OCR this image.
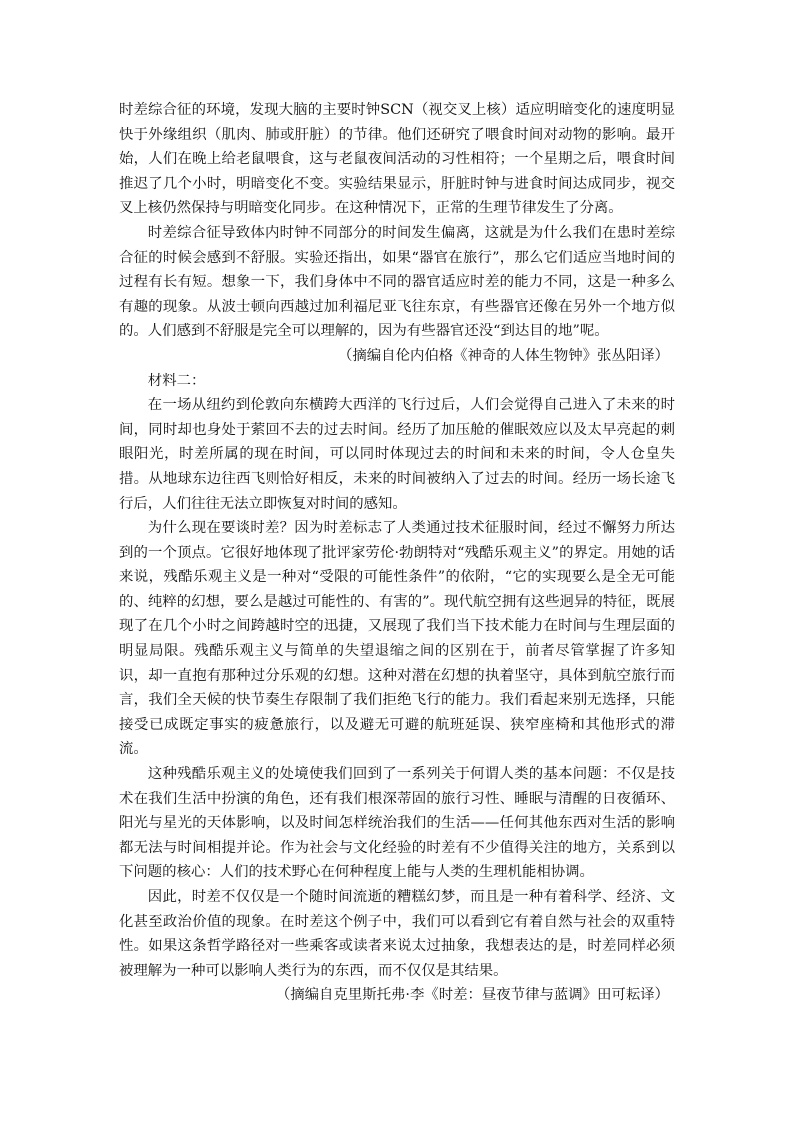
时差综合征的环境，发现大脑的主要时钟SCN（视交叉上核）适应明暗变化的速度明显快于外缘组织（肌肉、肺或肝脏）的节律。他们还研究了喂食时间对动物的影响。最开始，人们在晚上给老鼠喂食，这与老鼠夜间活动的习性相符；一个星期之后，喂食时间推迟了几个小时，明暗变化不变。实验结果显示，肝脏时钟与进食时间达成同步，视交叉上核仍然保持与明暗变化同步。在这种情况下，正常的生理节律发生了分离。

时差综合征导致体内时钟不同部分的时间发生偏离，这就是为什么我们在患时差综合征的时候会感到不舒服。实验还指出，如果“器官在旅行”，那么它们适应当地时间的过程有长有短。想象一下，我们身体中不同的器官适应时差的能力不同，这是一种多么有趣的现象。从波士顿向西越过加利福尼亚飞往东京，有些器官还像在另外一个地方似的。人们感到不舒服是完全可以理解的，因为有些器官还没“到达目的地”呢。

（摘编自伦内伯格《神奇的人体生物钟》张丛阳译）

材料二：

在一场从纽约到伦敦向东横跨大西洋的飞行过后，人们会觉得自己进入了未来的时间，同时却也身处于萦回不去的过去时间。经历了加压舱的催眠效应以及太早亮起的刺眼阳光，时差所属的现在时间，可以同时体现过去的时间和未来的时间，令人仓皇失措。从地球东边往西飞则恰好相反，未来的时间被纳入了过去的时间。经历一场长途飞行后，人们往往无法立即恢复对时间的感知。

为什么现在要谈时差？因为时差标志了人类通过技术征服时间，经过不懈努力所达到的一个顶点。它很好地体现了批评家劳伦·勃朗特对“残酷乐观主义”的界定。用她的话来说，残酷乐观主义是一种对“受限的可能性条件”的依附，“它的实现要么是全无可能的、纯粹的幻想，要么是越过可能性的、有害的”。现代航空拥有这些迥异的特征，既展现了在几个小时之间跨越时空的迅捷，又展现了我们当下技术能力在时间与生理层面的明显局限。残酷乐观主义与简单的失望退缩之间的区别在于，前者尽管掌握了许多知识，却一直抱有那种过分乐观的幻想。这种对潜在幻想的执着坚守，具体到航空旅行而言，我们全天候的快节奏生存限制了我们拒绝飞行的能力。我们看起来别无选择，只能接受已成既定事实的疲惫旅行，以及避无可避的航班延误、狭窄座椅和其他形式的滞流。

这种残酷乐观主义的处境使我们回到了一系列关于何谓人类的基本问题：不仅是技术在我们生活中扮演的角色，还有我们根深蒂固的旅行习性、睡眠与清醒的日夜循环、阳光与星光的天体影响，以及时间怎样统治我们的生活——任何其他东西对生活的影响都无法与时间相提并论。作为社会与文化经验的时差有不少值得关注的地方，关系到以下问题的核心：人们的技术野心在何种程度上能与人类的生理机能相协调。

因此，时差不仅仅是一个随时间流逝的糟糕幻梦，而且是一种有着科学、经济、文化甚至政治价值的现象。在时差这个例子中，我们可以看到它有着自然与社会的双重特性。如果这条哲学路径对一些乘客或读者来说太过抽象，我想表达的是，时差同样必须被理解为一种可以影响人类行为的东西，而不仅仅是其结果。

（摘编自克里斯托弗·李《时差：昼夜节律与蓝调》田可耘译）
